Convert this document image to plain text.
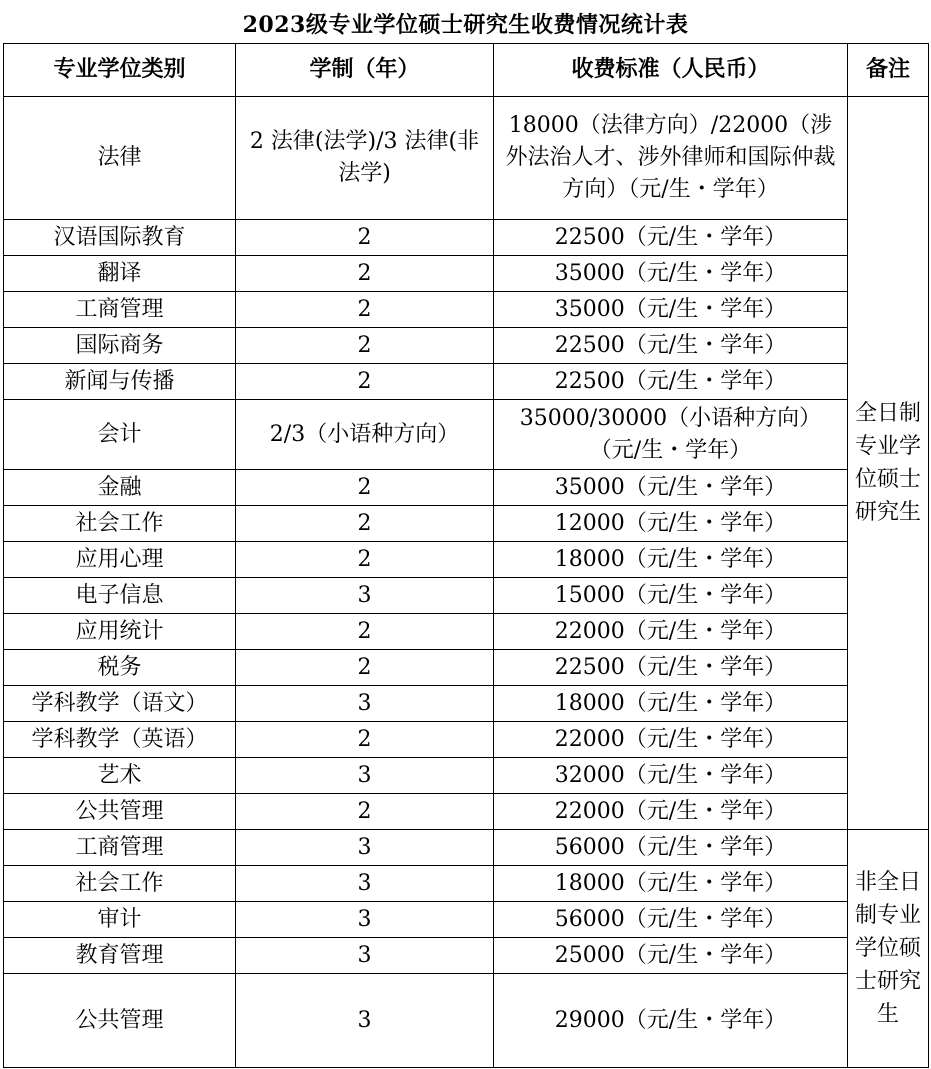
2023级专业学位硕士研究生收费情况统计表
专业学位类别	学制（年）	收费标准（人民币）	备注
法律	2 法律(法学)/3 法律(非法学)	18000（法律方向）/22000（涉外法治人才、涉外律师和国际仲裁方向）（元/生・学年）	全日制专业学位硕士研究生
汉语国际教育	2	22500（元/生・学年）	
翻译	2	35000（元/生・学年）	
工商管理	2	35000（元/生・学年）	
国际商务	2	22500（元/生・学年）	
新闻与传播	2	22500（元/生・学年）	
会计	2/3（小语种方向）	35000/30000（小语种方向）（元/生・学年）	
金融	2	35000（元/生・学年）	
社会工作	2	12000（元/生・学年）	
应用心理	2	18000（元/生・学年）	
电子信息	3	15000（元/生・学年）	
应用统计	2	22000（元/生・学年）	
税务	2	22500（元/生・学年）	
学科教学（语文）	3	18000（元/生・学年）	
学科教学（英语）	2	22000（元/生・学年）	
艺术	3	32000（元/生・学年）	
公共管理	2	22000（元/生・学年）	
工商管理	3	56000（元/生・学年）	非全日制专业学位硕士研究生
社会工作	3	18000（元/生・学年）	
审计	3	56000（元/生・学年）	
教育管理	3	25000（元/生・学年）	
公共管理	3	29000（元/生・学年）	
